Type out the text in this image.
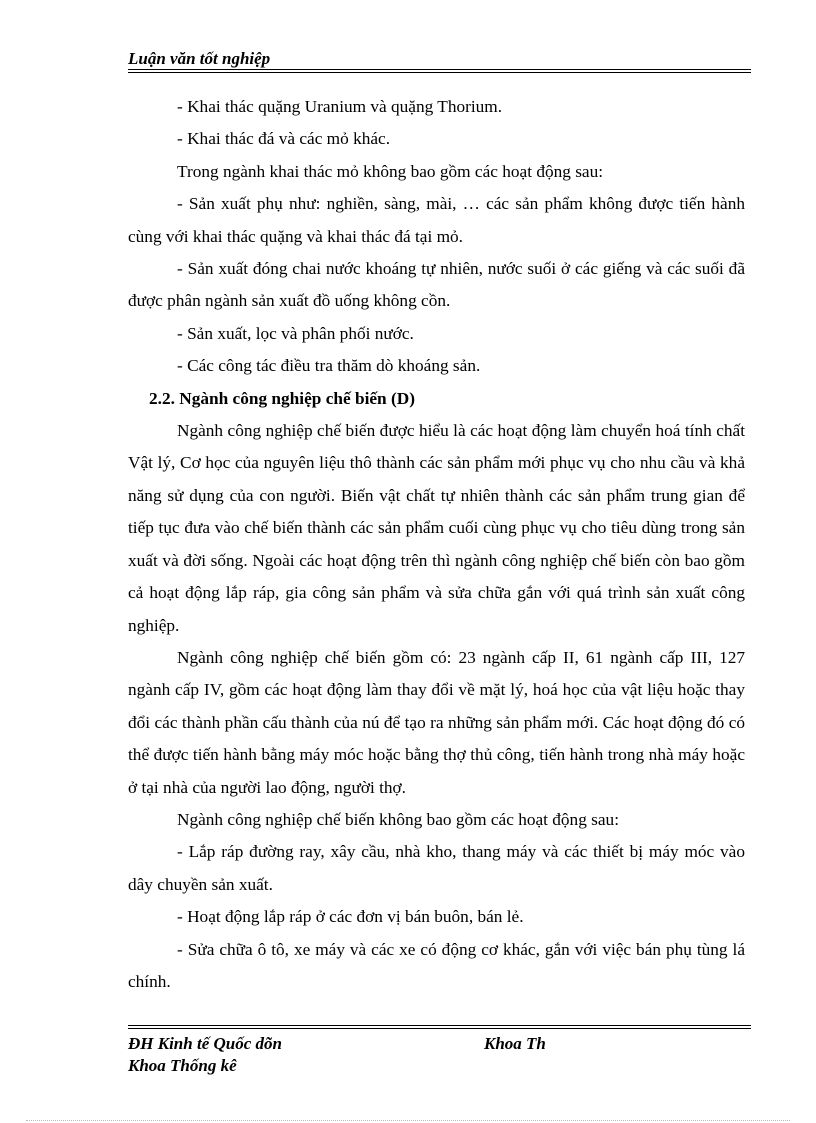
Luận văn tốt nghiệp

- Khai thác quặng Uranium và quặng Thorium.

- Khai thác đá và các mỏ khác.

Trong ngành khai thác mỏ không bao gồm các hoạt động sau:

- Sản xuất phụ như: nghiền, sàng, mài, … các sản phẩm không được tiến hành cùng với khai thác quặng và khai thác đá tại mỏ.

- Sản xuất đóng chai nước khoáng tự nhiên, nước suối ở các giếng và các suối đã được phân ngành sản xuất đồ uống không cồn.

- Sản xuất, lọc và phân phối nước.

- Các công tác điều tra thăm dò khoáng sản.

2.2. Ngành công nghiệp chế biến (D)

Ngành công nghiệp chế biến được hiểu là các hoạt động làm chuyển hoá tính chất Vật lý, Cơ học của nguyên liệu thô thành các sản phẩm mới phục vụ cho nhu cầu và khả năng sử dụng của con người. Biến vật chất tự nhiên thành các sản phẩm trung gian để tiếp tục đưa vào chế biến thành các sản phẩm cuối cùng phục vụ cho tiêu dùng trong sản xuất và đời sống. Ngoài các hoạt động trên thì ngành công nghiệp chế biến còn bao gồm cả hoạt động lắp ráp, gia công sản phẩm và sửa chữa gắn với quá trình sản xuất công nghiệp.

Ngành công nghiệp chế biến gồm có: 23 ngành cấp II, 61 ngành cấp III, 127 ngành cấp IV, gồm các hoạt động làm thay đổi về mặt lý, hoá học của vật liệu hoặc thay đổi các thành phần cấu thành của nú để tạo ra những sản phẩm mới. Các hoạt động đó có thể được tiến hành bằng máy móc hoặc bằng thợ thủ công, tiến hành trong nhà máy hoặc ở tại nhà của người lao động, người thợ.

Ngành công nghiệp chế biến không bao gồm các hoạt động sau:

- Lắp ráp đường ray, xây cầu, nhà kho, thang máy và các thiết bị máy móc vào dây chuyền sản xuất.

- Hoạt động lắp ráp ở các đơn vị bán buôn, bán lẻ.

- Sửa chữa ô tô, xe máy và các xe có động cơ khác, gắn với việc bán phụ tùng lá chính.

ĐH Kinh tế Quốc dõn

Khoa Thống kê

Khoa Th
